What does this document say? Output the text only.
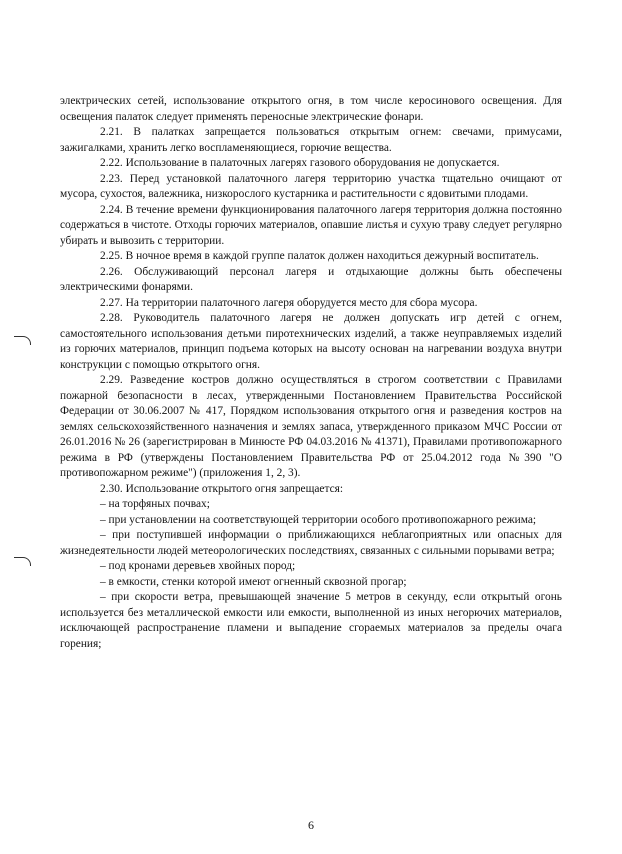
электрических сетей, использование открытого огня, в том числе керосинового освещения. Для освещения палаток следует применять переносные электрические фонари.

2.21. В палатках запрещается пользоваться открытым огнем: свечами, примусами, зажигалками, хранить легко воспламеняющиеся, горючие вещества.

2.22. Использование в палаточных лагерях газового оборудования не допускается.

2.23. Перед установкой палаточного лагеря территорию участка тщательно очищают от мусора, сухостоя, валежника, низкорослого кустарника и растительности с ядовитыми плодами.

2.24. В течение времени функционирования палаточного лагеря территория должна постоянно содержаться в чистоте. Отходы горючих материалов, опавшие листья и сухую траву следует регулярно убирать и вывозить с территории.

2.25. В ночное время в каждой группе палаток должен находиться дежурный воспитатель.

2.26. Обслуживающий персонал лагеря и отдыхающие должны быть обеспечены электрическими фонарями.

2.27. На территории палаточного лагеря оборудуется место для сбора мусора.

2.28. Руководитель палаточного лагеря не должен допускать игр детей с огнем, самостоятельного использования детьми пиротехнических изделий, а также неуправляемых изделий из горючих материалов, принцип подъема которых на высоту основан на нагревании воздуха внутри конструкции с помощью открытого огня.

2.29. Разведение костров должно осуществляться в строгом соответствии с Правилами пожарной безопасности в лесах, утвержденными Постановлением Правительства Российской Федерации от 30.06.2007 № 417, Порядком использования открытого огня и разведения костров на землях сельскохозяйственного назначения и землях запаса, утвержденного приказом МЧС России от 26.01.2016 № 26 (зарегистрирован в Минюсте РФ 04.03.2016 № 41371), Правилами противопожарного режима в РФ (утверждены Постановлением Правительства РФ от 25.04.2012 года №390 "О противопожарном режиме") (приложения 1, 2, 3).

2.30. Использование открытого огня запрещается:

– на торфяных почвах;

– при установлении на соответствующей территории особого противопожарного режима;

– при поступившей информации о приближающихся неблагоприятных или опасных для жизнедеятельности людей метеорологических последствиях, связанных с сильными порывами ветра;

– под кронами деревьев хвойных пород;

– в емкости, стенки которой имеют огненный сквозной прогар;

– при скорости ветра, превышающей значение 5 метров в секунду, если открытый огонь используется без металлической емкости или емкости, выполненной из иных негорючих материалов, исключающей распространение пламени и выпадение сгораемых материалов за пределы очага горения;

6
